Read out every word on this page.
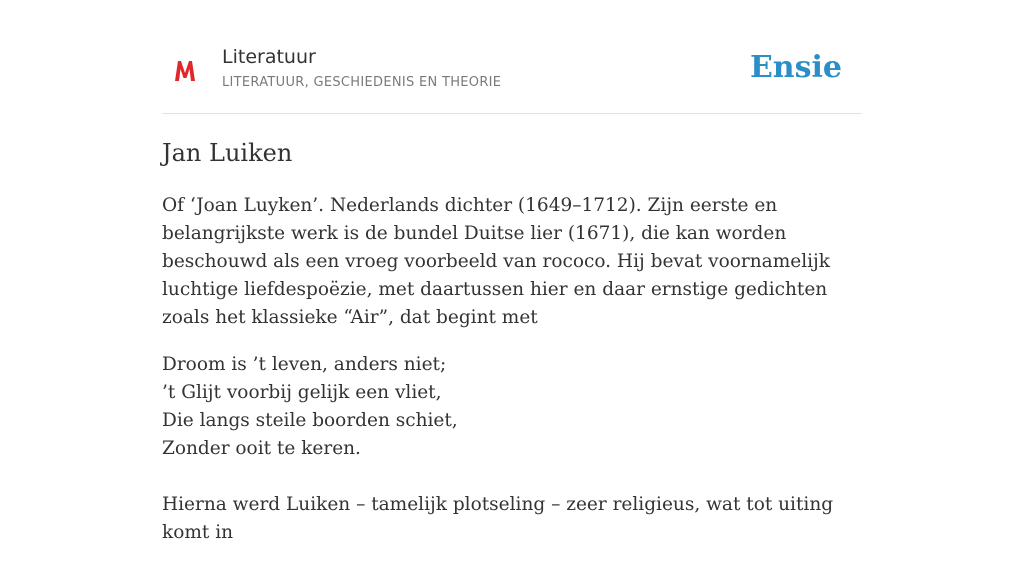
Literatuur
LITERATUUR, GESCHIEDENIS EN THEORIE	Ensie
Jan Luiken

Of ‘Joan Luyken’. Nederlands dichter (1649–1712). Zijn eerste en belangrijkste werk is de bundel Duitse lier (1671), die kan worden beschouwd als een vroeg voorbeeld van rococo. Hij bevat voornamelijk luchtige liefdespoëzie, met daartussen hier en daar ernstige gedichten zoals het klassieke “Air”, dat begint met

Droom is ’t leven, anders niet;
’t Glijt voorbij gelijk een vliet,
Die langs steile boorden schiet,
Zonder ooit te keren.

Hierna werd Luiken – tamelijk plotseling – zeer religieus, wat tot uiting komt in
